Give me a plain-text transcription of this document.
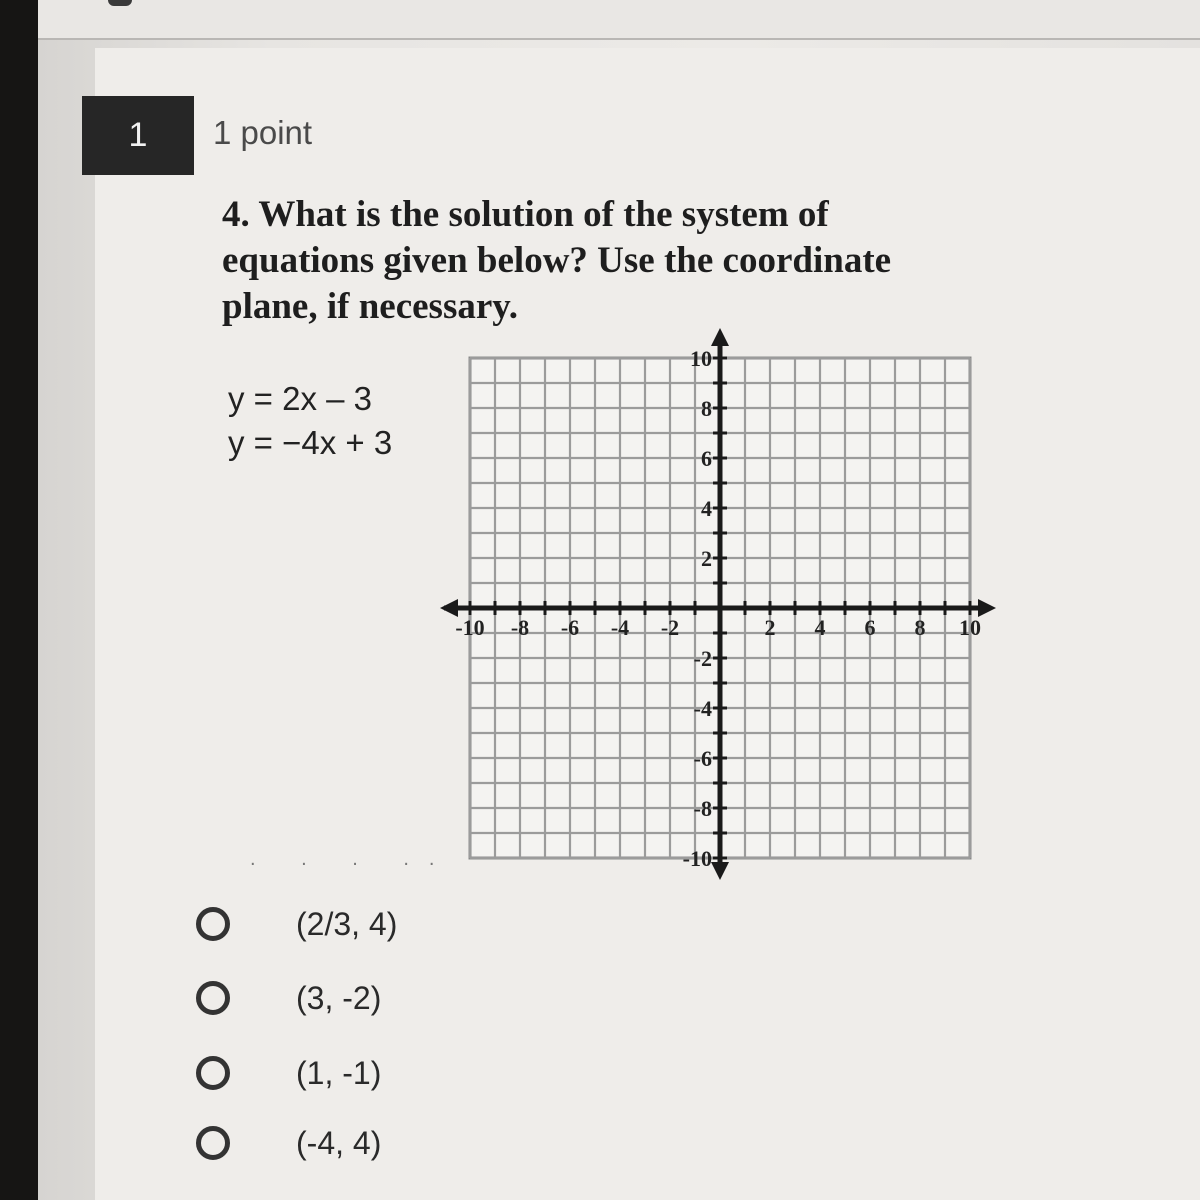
1	1 point
4. What is the solution of the system of equations given below? Use the coordinate plane, if necessary.
y = 2x – 3
y = −4x + 3
-10 -8 -6 -4 -2	2 4 6 8 10
10
8
6
4
2
-2
-4
-6
-8
-10
. . . ..
(2/3, 4)
(3, -2)
(1, -1)
(-4, 4)
